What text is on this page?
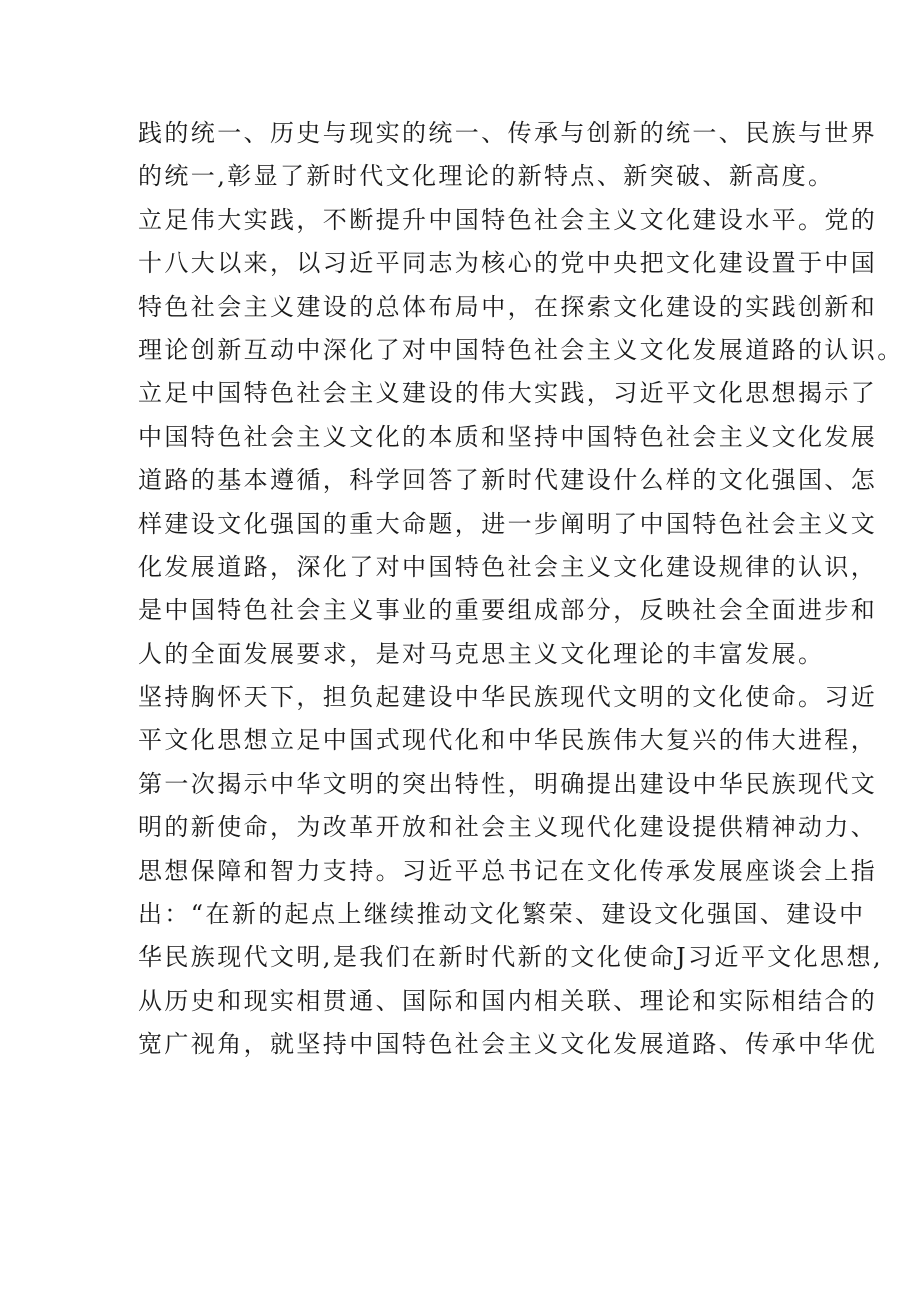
践的统一、历史与现实的统一、传承与创新的统一、民族与世界
的统一,彰显了新时代文化理论的新特点、新突破、新高度。
立足伟大实践，不断提升中国特色社会主义文化建设水平。党的
十八大以来，以习近平同志为核心的党中央把文化建设置于中国
特色社会主义建设的总体布局中，在探索文化建设的实践创新和
理论创新互动中深化了对中国特色社会主义文化发展道路的认识。
立足中国特色社会主义建设的伟大实践，习近平文化思想揭示了
中国特色社会主义文化的本质和坚持中国特色社会主义文化发展
道路的基本遵循，科学回答了新时代建设什么样的文化强国、怎
样建设文化强国的重大命题，进一步阐明了中国特色社会主义文
化发展道路，深化了对中国特色社会主义文化建设规律的认识，
是中国特色社会主义事业的重要组成部分，反映社会全面进步和
人的全面发展要求，是对马克思主义文化理论的丰富发展。
坚持胸怀天下，担负起建设中华民族现代文明的文化使命。习近
平文化思想立足中国式现代化和中华民族伟大复兴的伟大进程，
第一次揭示中华文明的突出特性，明确提出建设中华民族现代文
明的新使命，为改革开放和社会主义现代化建设提供精神动力、
思想保障和智力支持。习近平总书记在文化传承发展座谈会上指
出：“在新的起点上继续推动文化繁荣、建设文化强国、建设中
华民族现代文明,是我们在新时代新的文化使命J习近平文化思想,
从历史和现实相贯通、国际和国内相关联、理论和实际相结合的
宽广视角，就坚持中国特色社会主义文化发展道路、传承中华优
